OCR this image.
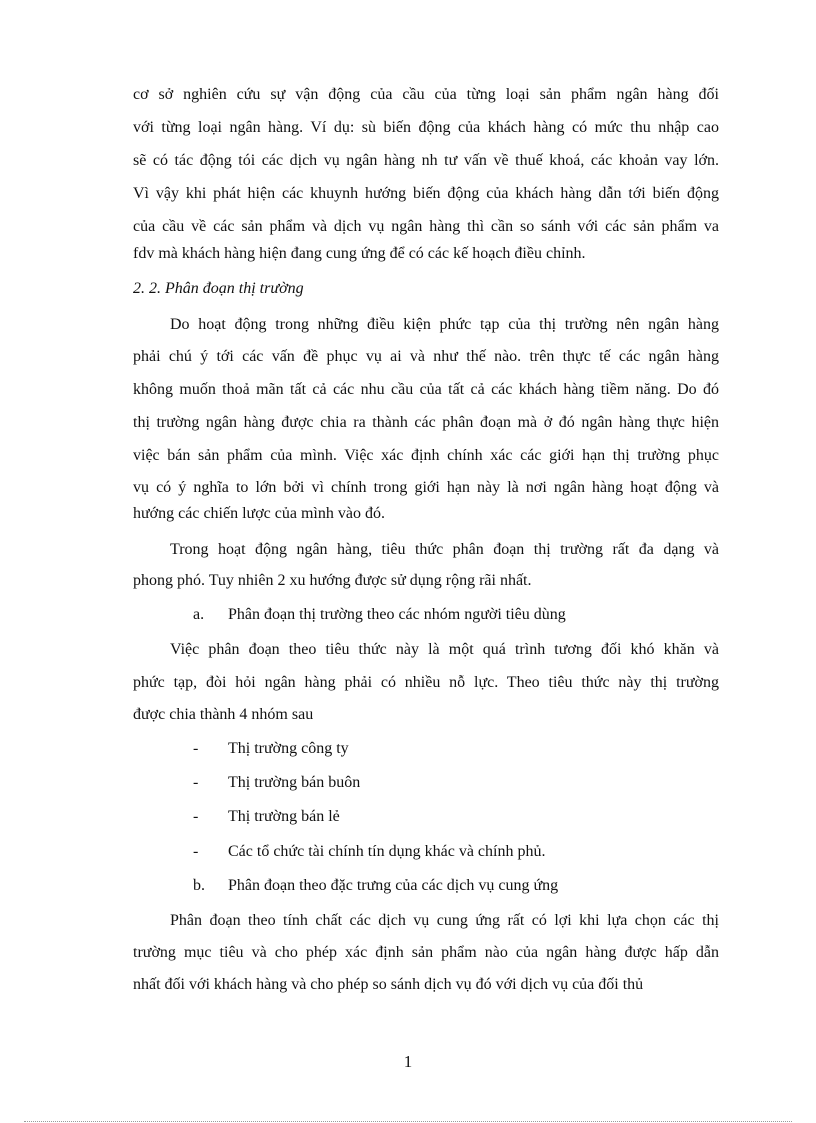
cơ sở nghiên cứu sự vận động của cầu của từng loại sản phẩm ngân hàng đối
với từng loại ngân hàng. Ví dụ: sù biến động của khách hàng có mức thu nhập cao
sẽ có tác động tói các dịch vụ ngân hàng nh tư vấn về thuế khoá, các khoản vay lớn.
Vì vậy khi phát hiện các khuynh hướng biến động của khách hàng dẫn tới biến động
của cầu về các sản phẩm và dịch vụ ngân hàng thì cần so sánh với các sản phẩm va
fdv mà khách hàng hiện đang cung ứng để có các kế hoạch điều chỉnh.
2. 2. Phân đoạn thị trường
Do hoạt động trong những điều kiện phức tạp của thị trường nên ngân hàng
phải chú ý tới các vấn đề phục vụ ai và như thế nào. trên thực tế các ngân hàng
không muốn thoả mãn tất cả các nhu cầu của tất cả các khách hàng tiềm năng. Do đó
thị trường ngân hàng được chia ra thành các phân đoạn mà ở đó ngân hàng thực hiện
việc bán sản phẩm của mình. Việc xác định chính xác các giới hạn thị trường phục
vụ có ý nghĩa to lớn bởi vì chính trong giới hạn này là nơi ngân hàng hoạt động và
hướng các chiến lược của mình vào đó.
Trong hoạt động ngân hàng, tiêu thức phân đoạn thị trường rất đa dạng và
phong phó. Tuy nhiên 2 xu hướng được sử dụng rộng rãi nhất.
a. Phân đoạn thị trường theo các nhóm người tiêu dùng
Việc phân đoạn theo tiêu thức này là một quá trình tương đối khó khăn và
phức tạp, đòi hỏi ngân hàng phải có nhiều nỗ lực. Theo tiêu thức này thị trường
được chia thành 4 nhóm sau
- Thị trường công ty
- Thị trường bán buôn
- Thị trường bán lẻ
- Các tổ chức tài chính tín dụng khác và chính phủ.
b. Phân đoạn theo đặc trưng của các dịch vụ cung ứng
Phân đoạn theo tính chất các dịch vụ cung ứng rất có lợi khi lựa chọn các thị
trường mục tiêu và cho phép xác định sản phẩm nào của ngân hàng được hấp dẫn
nhất đối với khách hàng và cho phép so sánh dịch vụ đó với dịch vụ của đối thủ
1
